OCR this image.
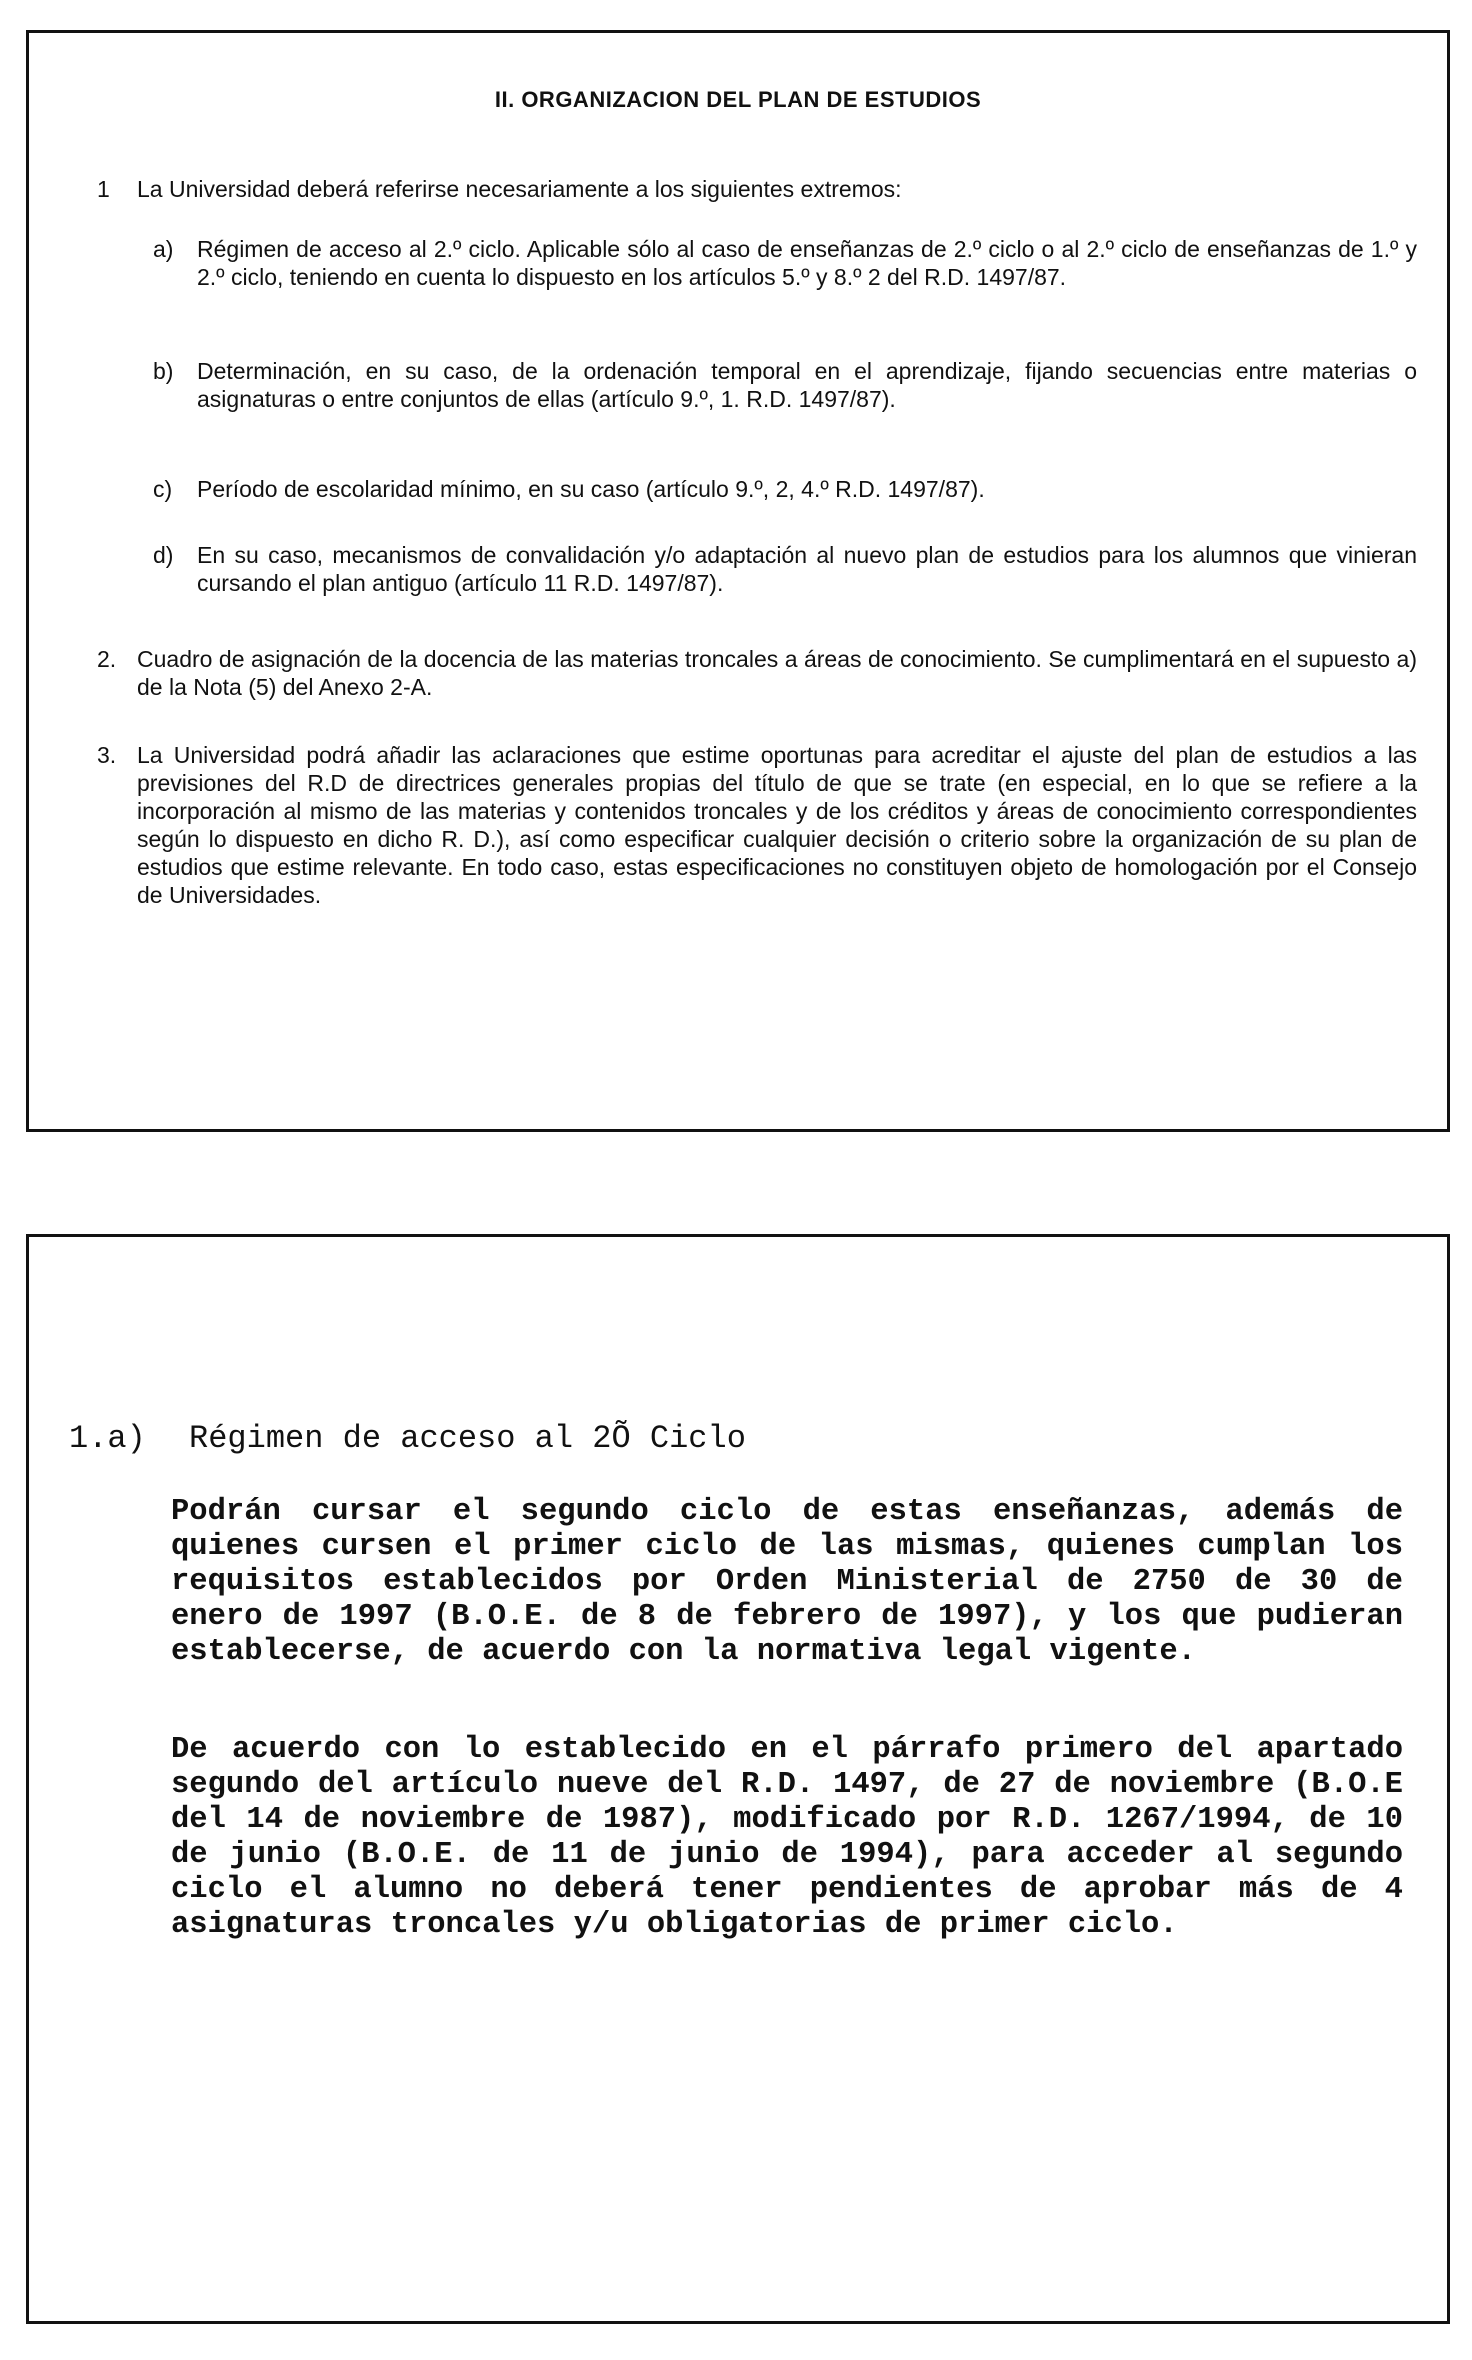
II. ORGANIZACION DEL PLAN DE ESTUDIOS
1 La Universidad deberá referirse necesariamente a los siguientes extremos:
a) Régimen de acceso al 2.º ciclo. Aplicable sólo al caso de enseñanzas de 2.º ciclo o al 2.º ciclo de enseñanzas de 1.º y 2.º ciclo, teniendo en cuenta lo dispuesto en los artículos 5.º y 8.º 2 del R.D. 1497/87.
b) Determinación, en su caso, de la ordenación temporal en el aprendizaje, fijando secuencias entre materias o asignaturas o entre conjuntos de ellas (artículo 9.º, 1. R.D. 1497/87).
c) Período de escolaridad mínimo, en su caso (artículo 9.º, 2, 4.º R.D. 1497/87).
d) En su caso, mecanismos de convalidación y/o adaptación al nuevo plan de estudios para los alumnos que vinieran cursando el plan antiguo (artículo 11 R.D. 1497/87).
2. Cuadro de asignación de la docencia de las materias troncales a áreas de conocimiento. Se cumplimentará en el supuesto a) de la Nota (5) del Anexo 2-A.
3. La Universidad podrá añadir las aclaraciones que estime oportunas para acreditar el ajuste del plan de estudios a las previsiones del R.D de directrices generales propias del título de que se trate (en especial, en lo que se refiere a la incorporación al mismo de las materias y contenidos troncales y de los créditos y áreas de conocimiento correspondientes según lo dispuesto en dicho R. D.), así como especificar cualquier decisión o criterio sobre la organización de su plan de estudios que estime relevante. En todo caso, estas especificaciones no constituyen objeto de homologación por el Consejo de Universidades.
1.a) Régimen de acceso al 2Õ Ciclo
Podrán cursar el segundo ciclo de estas enseñanzas, además de quienes cursen el primer ciclo de las mismas, quienes cumplan los requisitos establecidos por Orden Ministerial de 2750 de 30 de enero de 1997 (B.O.E. de 8 de febrero de 1997), y los que pudieran establecerse, de acuerdo con la normativa legal vigente.
De acuerdo con lo establecido en el párrafo primero del apartado segundo del artículo nueve del R.D. 1497, de 27 de noviembre (B.O.E del 14 de noviembre de 1987), modificado por R.D. 1267/1994, de 10 de junio (B.O.E. de 11 de junio de 1994), para acceder al segundo ciclo el alumno no deberá tener pendientes de aprobar más de 4 asignaturas troncales y/u obligatorias de primer ciclo.
